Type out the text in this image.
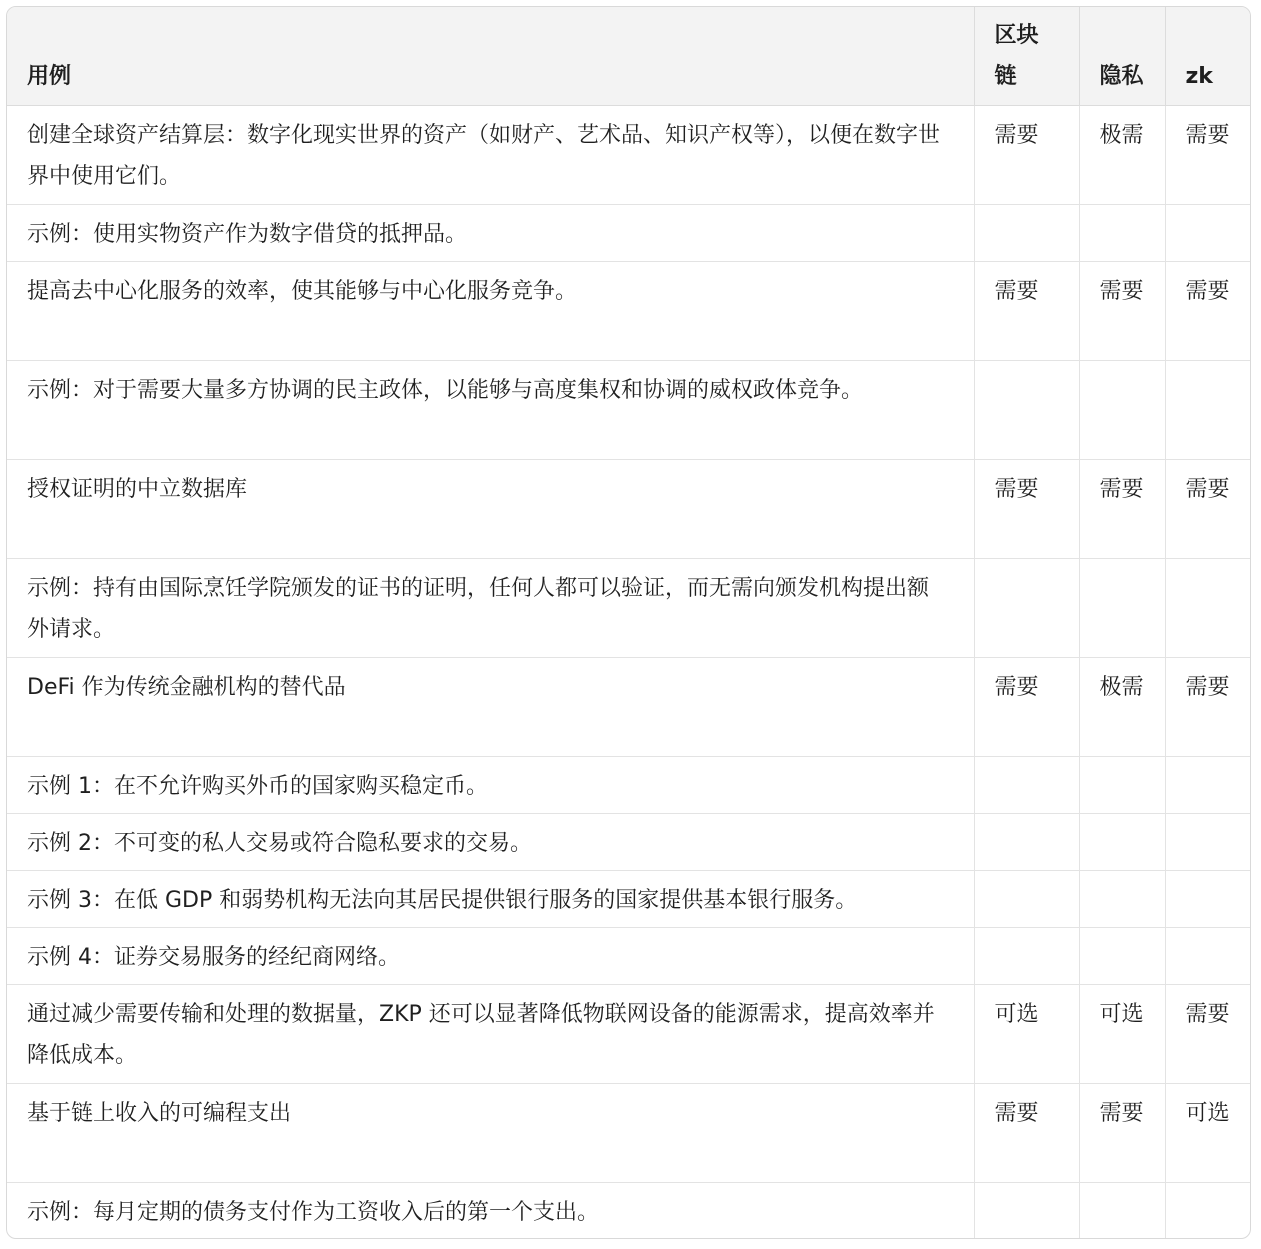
用例	区块链	隐私	zk
创建全球资产结算层：数字化现实世界的资产（如财产、艺术品、知识产权等），以便在数字世界中使用它们。	需要	极需	需要
示例：使用实物资产作为数字借贷的抵押品。			
提高去中心化服务的效率，使其能够与中心化服务竞争。	需要	需要	需要
示例：对于需要大量多方协调的民主政体，以能够与高度集权和协调的威权政体竞争。			
授权证明的中立数据库	需要	需要	需要
示例：持有由国际烹饪学院颁发的证书的证明，任何人都可以验证，而无需向颁发机构提出额外请求。			
DeFi 作为传统金融机构的替代品	需要	极需	需要
示例 1：在不允许购买外币的国家购买稳定币。			
示例 2：不可变的私人交易或符合隐私要求的交易。			
示例 3：在低 GDP 和弱势机构无法向其居民提供银行服务的国家提供基本银行服务。			
示例 4：证券交易服务的经纪商网络。			
通过减少需要传输和处理的数据量，ZKP 还可以显著降低物联网设备的能源需求，提高效率并降低成本。	可选	可选	需要
基于链上收入的可编程支出	需要	需要	可选
示例：每月定期的债务支付作为工资收入后的第一个支出。			
